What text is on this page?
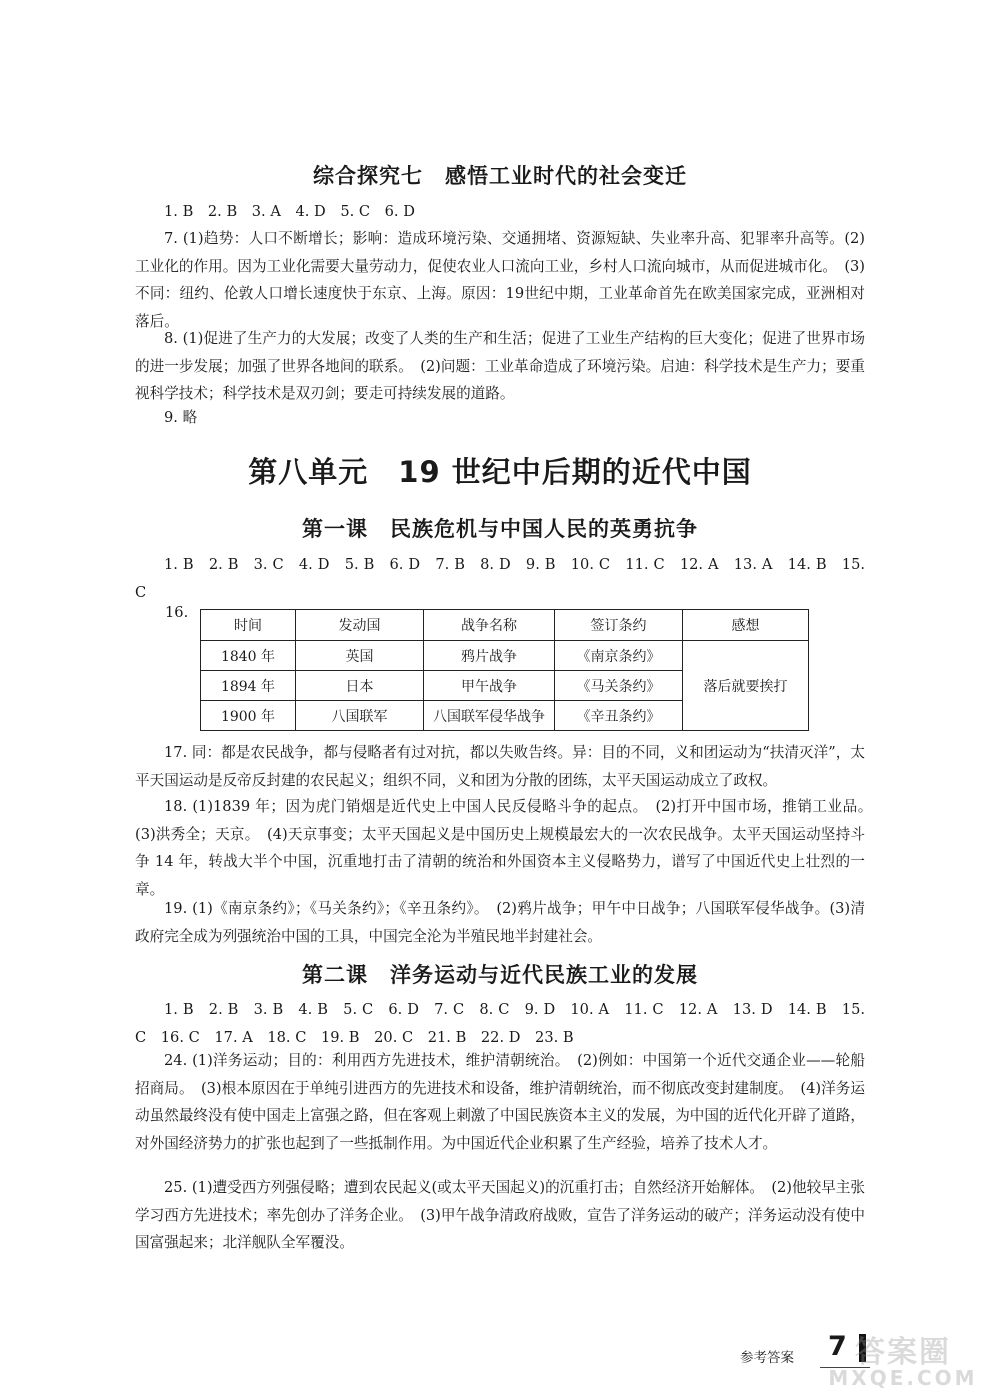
综合探究七　感悟工业时代的社会变迁

1. B　2. B　3. A　4. D　5. C　6. D

7. (1)趋势：人口不断增长；影响：造成环境污染、交通拥堵、资源短缺、失业率升高、犯罪率升高等。(2)工业化的作用。因为工业化需要大量劳动力，促使农业人口流向工业，乡村人口流向城市，从而促进城市化。　(3)不同：纽约、伦敦人口增长速度快于东京、上海。原因：19世纪中期，工业革命首先在欧美国家完成，亚洲相对落后。

8. (1)促进了生产力的大发展；改变了人类的生产和生活；促进了工业生产结构的巨大变化；促进了世界市场的进一步发展；加强了世界各地间的联系。　(2)问题：工业革命造成了环境污染。启迪：科学技术是生产力；要重视科学技术；科学技术是双刃剑；要走可持续发展的道路。

9. 略

第八单元　19 世纪中后期的近代中国
第一课　民族危机与中国人民的英勇抗争

1. B　2. B　3. C　4. D　5. B　6. D　7. B　8. D　9. B　10. C　11. C　12. A　13. A　14. B　15. C

16.
时间	发动国	战争名称	签订条约	感想
1840 年	英国	鸦片战争	《南京条约》	落后就要挨打
1894 年	日本	甲午战争	《马关条约》	
1900 年	八国联军	八国联军侵华战争	《辛丑条约》	

17. 同：都是农民战争，都与侵略者有过对抗，都以失败告终。异：目的不同，义和团运动为“扶清灭洋”，太平天国运动是反帝反封建的农民起义；组织不同，义和团为分散的团练，太平天国运动成立了政权。

18. (1)1839 年；因为虎门销烟是近代史上中国人民反侵略斗争的起点。　(2)打开中国市场，推销工业品。　(3)洪秀全；天京。　(4)天京事变；太平天国起义是中国历史上规模最宏大的一次农民战争。太平天国运动坚持斗争 14 年，转战大半个中国，沉重地打击了清朝的统治和外国资本主义侵略势力，谱写了中国近代史上壮烈的一章。

19. (1)《南京条约》；《马关条约》；《辛丑条约》。　(2)鸦片战争；甲午中日战争；八国联军侵华战争。(3)清政府完全成为列强统治中国的工具，中国完全沦为半殖民地半封建社会。

第二课　洋务运动与近代民族工业的发展

1. B　2. B　3. B　4. B　5. C　6. D　7. C　8. C　9. D　10. A　11. C　12. A　13. D　14. B　15. C　16. C　17. A　18. C　19. B　20. C　21. B　22. D　23. B

24. (1)洋务运动；目的：利用西方先进技术，维护清朝统治。　(2)例如：中国第一个近代交通企业——轮船招商局。　(3)根本原因在于单纯引进西方的先进技术和设备，维护清朝统治，而不彻底改变封建制度。　(4)洋务运动虽然最终没有使中国走上富强之路，但在客观上刺激了中国民族资本主义的发展，为中国的近代化开辟了道路，对外国经济势力的扩张也起到了一些抵制作用。为中国近代企业积累了生产经验，培养了技术人才。

25. (1)遭受西方列强侵略；遭到农民起义(或太平天国起义)的沉重打击；自然经济开始解体。　(2)他较早主张学习西方先进技术；率先创办了洋务企业。　(3)甲午战争清政府战败，宣告了洋务运动的破产；洋务运动没有使中国富强起来；北洋舰队全军覆没。

参考答案 7 答案圈
MXQE.COM
